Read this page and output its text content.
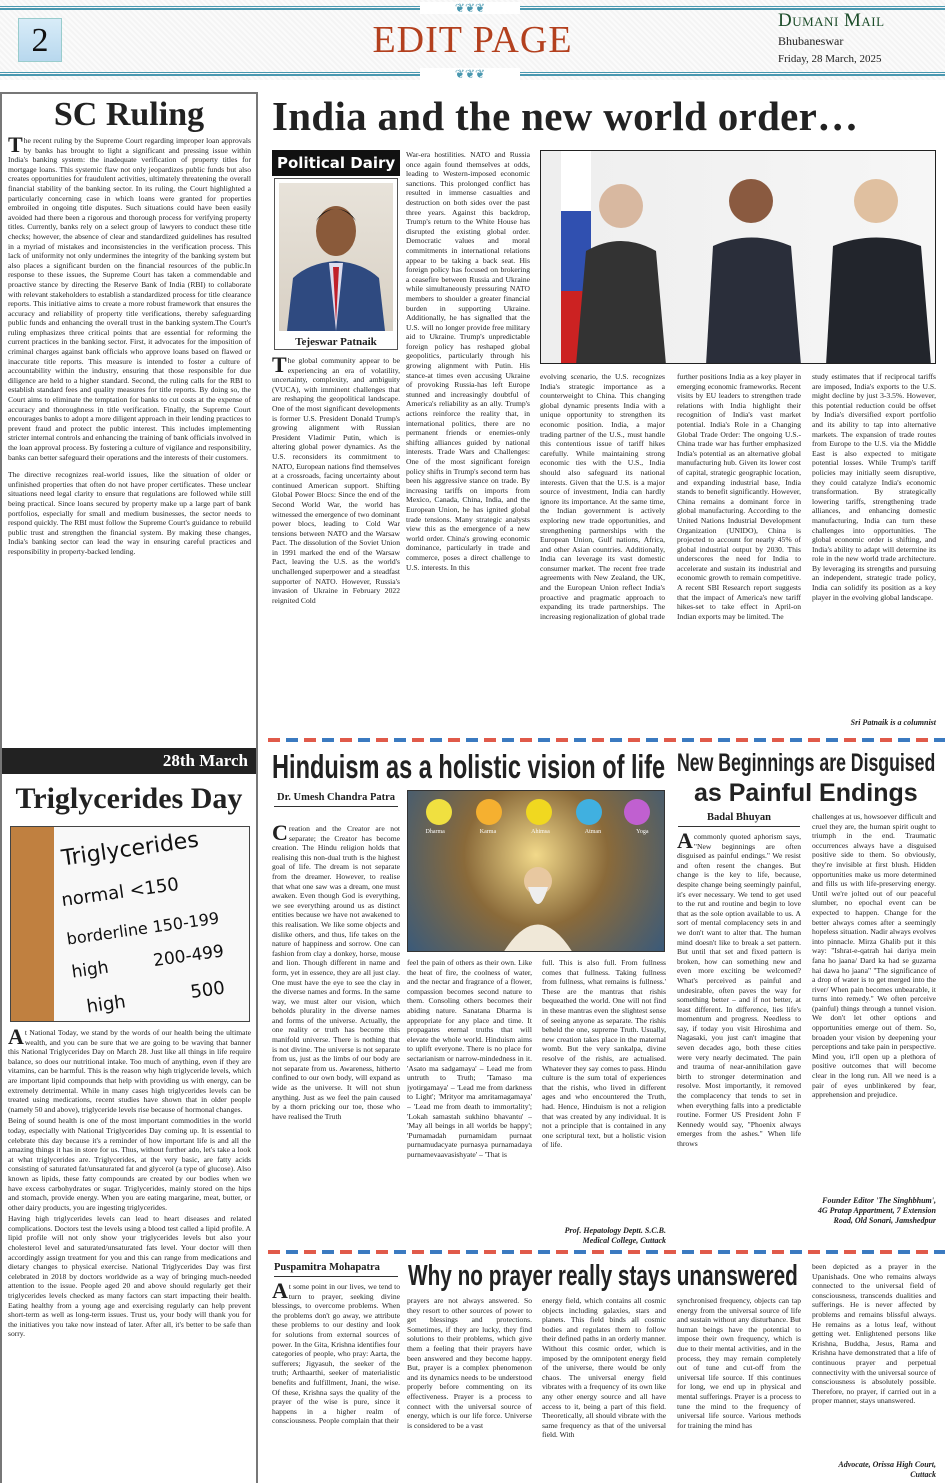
❦❦❦
❦❦❦
2	EDIT PAGE	Dumani Mail
Bhubaneswar
Friday, 28 March, 2025
SC Ruling

The recent ruling by the Supreme Court regarding improper loan approvals by banks has brought to light a significant and pressing issue within India's banking system: the inadequate verification of property titles for mortgage loans. This systemic flaw not only jeopardizes public funds but also creates opportunities for fraudulent activities, ultimately threatening the overall financial stability of the banking sector. In its ruling, the Court highlighted a particularly concerning case in which loans were granted for properties embroiled in ongoing title disputes. Such situations could have been easily avoided had there been a rigorous and thorough process for verifying property titles. Currently, banks rely on a select group of lawyers to conduct these title checks; however, the absence of clear and standardized guidelines has resulted in a myriad of mistakes and inconsistencies in the verification process. This lack of uniformity not only undermines the integrity of the banking system but also places a significant burden on the financial resources of the public.In response to these issues, the Supreme Court has taken a commendable and proactive stance by directing the Reserve Bank of India (RBI) to collaborate with relevant stakeholders to establish a standardized process for title clearance reports. This initiative aims to create a more robust framework that ensures the accuracy and reliability of property title verifications, thereby safeguarding public funds and enhancing the overall trust in the banking system.The Court's ruling emphasizes three critical points that are essential for reforming the current practices in the banking sector. First, it advocates for the imposition of criminal charges against bank officials who approve loans based on flawed or inaccurate title reports. This measure is intended to foster a culture of accountability within the industry, ensuring that those responsible for due diligence are held to a higher standard. Second, the ruling calls for the RBI to establish standard fees and quality measures for title reports. By doing so, the Court aims to eliminate the temptation for banks to cut costs at the expense of accuracy and thoroughness in title verification. Finally, the Supreme Court encourages banks to adopt a more diligent approach in their lending practices to prevent fraud and protect the public interest. This includes implementing stricter internal controls and enhancing the training of bank officials involved in the loan approval process. By fostering a culture of vigilance and responsibility, banks can better safeguard their operations and the interests of their customers.

The directive recognizes real-world issues, like the situation of older or unfinished properties that often do not have proper certificates. These unclear situations need legal clarity to ensure that regulations are followed while still being practical. Since loans secured by property make up a large part of bank portfolios, especially for small and medium businesses, the sector needs to respond quickly. The RBI must follow the Supreme Court's guidance to rebuild public trust and strengthen the financial system. By making these changes, India's banking sector can lead the way in ensuring careful practices and responsibility in property-backed lending.

28th March
Triglycerides Day
Triglycerides
normal <150
borderline 150-199
high 200-499
high 500

At National Today, we stand by the words of our health being the ultimate wealth, and you can be sure that we are going to be waving that banner this National Triglycerides Day on March 28. Just like all things in life require balance, so does our nutritional intake. Too much of anything, even if they are vitamins, can be harmful. This is the reason why high triglyceride levels, which are important lipid compounds that help with providing us with energy, can be extremely detrimental. While in many cases high triglycerides levels can be treated using medications, recent studies have shown that in older people (namely 50 and above), triglyceride levels rise because of hormonal changes.

Being of sound health is one of the most important commodities in the world today, especially with National Triglycerides Day coming up. It is essential to celebrate this day because it's a reminder of how important life is and all the amazing things it has in store for us. Thus, without further ado, let's take a look at what triglycerides are. Triglycerides, at the very basic, are fatty acids consisting of saturated fat/unsaturated fat and glycerol (a type of glucose). Also known as lipids, these fatty compounds are created by our bodies when we have excess carbohydrates or sugar. Triglycerides, mainly stored on the hips and stomach, provide energy. When you are eating margarine, meat, butter, or other dairy products, you are ingesting triglycerides.

Having high triglycerides levels can lead to heart diseases and related complications. Doctors test the levels using a blood test called a lipid profile. A lipid profile will not only show your triglycerides levels but also your cholesterol level and saturated/unsaturated fats level. Your doctor will then accordingly assign treatment for you and this can range from medications and dietary changes to physical exercise. National Triglycerides Day was first celebrated in 2018 by doctors worldwide as a way of bringing much-needed attention to the issue. People aged 20 and above should regularly get their triglycerides levels checked as many factors can start impacting their health. Eating healthy from a young age and exercising regularly can help prevent short-term as well as long-term issues. Trust us, your body will thank you for the initiatives you take now instead of later. After all, it's better to be safe than sorry.

India and the new world order…
Political Dairy
Tejeswar Patnaik

The global community appear to be experiencing an era of volatility, uncertainty, complexity, and ambiguity (VUCA), with imminent challenges that are reshaping the geopolitical landscape. One of the most significant developments is former U.S. President Donald Trump's growing alignment with Russian President Vladimir Putin, which is altering global power dynamics. As the U.S. reconsiders its commitment to NATO, European nations find themselves at a crossroads, facing uncertainty about continued American support. Shifting Global Power Blocs: Since the end of the Second World War, the world has witnessed the emergence of two dominant power blocs, leading to Cold War tensions between NATO and the Warsaw Pact. The dissolution of the Soviet Union in 1991 marked the end of the Warsaw Pact, leaving the U.S. as the world's unchallenged superpower and a steadfast supporter of NATO. However, Russia's invasion of Ukraine in February 2022 reignited Cold

War-era hostilities. NATO and Russia once again found themselves at odds, leading to Western-imposed economic sanctions. This prolonged conflict has resulted in immense casualties and destruction on both sides over the past three years. Against this backdrop, Trump's return to the White House has disrupted the existing global order. Democratic values and moral commitments in international relations appear to be taking a back seat. His foreign policy has focused on brokering a ceasefire between Russia and Ukraine while simultaneously pressuring NATO members to shoulder a greater financial burden in supporting Ukraine. Additionally, he has signalled that the U.S. will no longer provide free military aid to Ukraine. Trump's unpredictable foreign policy has reshaped global geopolitics, particularly through his growing alignment with Putin. His stance-at times even accusing Ukraine of provoking Russia-has left Europe stunned and increasingly doubtful of America's reliability as an ally. Trump's actions reinforce the reality that, in international politics, there are no permanent friends or enemies-only shifting alliances guided by national interests. Trade Wars and Challenges: One of the most significant foreign policy shifts in Trump's second term has been his aggressive stance on trade. By increasing tariffs on imports from Mexico, Canada, China, India, and the European Union, he has ignited global trade tensions. Many strategic analysts view this as the emergence of a new world order. China's growing economic dominance, particularly in trade and commerce, poses a direct challenge to U.S. interests. In this
evolving scenario, the U.S. recognizes India's strategic importance as a counterweight to China. This changing global dynamic presents India with a unique opportunity to strengthen its economic position. India, a major trading partner of the U.S., must handle this contentious issue of tariff hikes carefully. While maintaining strong economic ties with the U.S., India should also safeguard its national interests. Given that the U.S. is a major source of investment, India can hardly ignore its importance. At the same time, the Indian government is actively exploring new trade opportunities, and strengthening partnerships with the European Union, Gulf nations, Africa, and other Asian countries. Additionally, India can leverage its vast domestic consumer market. The recent free trade agreements with New Zealand, the UK, and the European Union reflect India's proactive and pragmatic approach to expanding its trade partnerships. The increasing regionalization of global trade
further positions India as a key player in emerging economic frameworks. Recent visits by EU leaders to strengthen trade relations with India highlight their recognition of India's vast market potential. India's Role in a Changing Global Trade Order: The ongoing U.S.-China trade war has further emphasized India's potential as an alternative global manufacturing hub. Given its lower cost of capital, strategic geographic location, and expanding industrial base, India stands to benefit significantly. However, China remains a dominant force in global manufacturing. According to the United Nations Industrial Development Organization (UNIDO), China is projected to account for nearly 45% of global industrial output by 2030. This underscores the need for India to accelerate and sustain its industrial and economic growth to remain competitive. A recent SBI Research report suggests that the impact of America's new tariff hikes-set to take effect in April-on Indian exports may be limited. The
study estimates that if reciprocal tariffs are imposed, India's exports to the U.S. might decline by just 3-3.5%. However, this potential reduction could be offset by India's diversified export portfolio and its ability to tap into alternative markets. The expansion of trade routes from Europe to the U.S. via the Middle East is also expected to mitigate potential losses. While Trump's tariff policies may initially seem disruptive, they could catalyze India's economic transformation. By strategically lowering tariffs, strengthening trade alliances, and enhancing domestic manufacturing, India can turn these challenges into opportunities. The global economic order is shifting, and India's ability to adapt will determine its role in the new world trade architecture. By leveraging its strengths and pursuing an independent, strategic trade policy, India can solidify its position as a key player in the evolving global landscape.
Sri Patnaik is a columnist
Hinduism as a holistic vision of life
Dr. Umesh Chandra Patra

Creation and the Creator are not separate; the Creator has become creation. The Hindu religion holds that realising this non-dual truth is the highest goal of life. The dream is not separate from the dreamer. However, to realise that what one saw was a dream, one must awaken. Even though God is everything, we see everything around us as distinct entities because we have not awakened to this realisation. We like some objects and dislike others, and thus, life takes on the nature of happiness and sorrow. One can fashion from clay a donkey, horse, mouse and lion. Though different in name and form, yet in essence, they are all just clay. One must have the eye to see the clay in the diverse names and forms. In the same way, we must alter our vision, which beholds plurality in the diverse names and forms of the universe. Actually, the one reality or truth has become this manifold universe. There is nothing that is not divine. The universe is not separate from us, just as the limbs of our body are not separate from us. Awareness, hitherto confined to our own body, will expand as wide as the universe. It will not shun anything. Just as we feel the pain caused by a thorn pricking our toe, those who have realised the Truth

Dharma	Karma	Ahimsa	Atman	Yoga
feel the pain of others as their own. Like the heat of fire, the coolness of water, and the nectar and fragrance of a flower, compassion becomes second nature to them. Consoling others becomes their abiding nature. Sanatana Dharma is appropriate for any place and time. It propagates eternal truths that will elevate the whole world. Hinduism aims to uplift everyone. There is no place for sectarianism or narrow-mindedness in it. 'Asato ma sadgamaya' – Lead me from untruth to Truth; 'Tamaso ma jyotirgamaya' – 'Lead me from darkness to Light'; 'Mrityor ma amritamagamaya' – 'Lead me from death to immortality'; 'Lokah samastah sukhino bhavantu' – 'May all beings in all worlds be happy'; 'Purnamadah purnamidam purnaat purnamudacyate purnasya purnamadaya purnamevaavasishyate' – 'That is
full. This is also full. From fullness comes that fullness. Taking fullness from fullness, what remains is fullness.' These are the mantras that rishis bequeathed the world. One will not find in these mantras even the slightest sense of seeing anyone as separate. The rishis beheld the one, supreme Truth. Usually, new creation takes place in the maternal womb. But the very sankalpa, divine resolve of the rishis, are actualised. Whatever they say comes to pass. Hindu culture is the sum total of experiences that the rishis, who lived in different ages and who encountered the Truth, had. Hence, Hinduism is not a religion that was created by any individual. It is not a principle that is contained in any one scriptural text, but a holistic vision of life.
Prof. Hepatology Deptt. S.C.B. Medical College, Cuttack
New Beginnings are Disguised
as Painful Endings
Badal Bhuyan

Acommonly quoted aphorism says, "New beginnings are often disguised as painful endings." We resist and often resent the changes. But change is the key to life, because, despite change being seemingly painful, it's ever necessary. We tend to get used to the rut and routine and begin to love that as the sole option available to us. A sort of mental complacency sets in and we don't want to alter that. The human mind doesn't like to break a set pattern. But until that set and fixed pattern is broken, how can something new and even more exciting be welcomed? What's perceived as painful and undesirable, often paves the way for something better – and if not better, at least different. In difference, lies life's momentum and progress. Needless to say, if today you visit Hiroshima and Nagasaki, you just can't imagine that seven decades ago, both these cities were very nearly decimated. The pain and trauma of near-annihilation gave birth to stronger determination and resolve. Most importantly, it removed the complacency that tends to set in when everything falls into a predictable routine. Former US President John F Kennedy would say, "Phoenix always emerges from the ashes." When life throws

challenges at us, howsoever difficult and cruel they are, the human spirit ought to triumph in the end. Traumatic occurrences always have a disguised positive side to them. So obviously, they're invisible at first blush. Hidden opportunities make us more determined and fills us with life-preserving energy. Until we're jolted out of our peaceful slumber, no epochal event can be expected to happen. Change for the better always comes after a seemingly hopeless situation. Nadir always evolves into pinnacle. Mirza Ghalib put it this way: "Ishrat-e-qatrah hai dariya mein fana ho jaana/ Dard ka had se guzarna hai dawa ho jaana" "The significance of a drop of water is to get merged into the river/ When pain becomes unbearable, it turns into remedy." We often perceive (painful) things through a tunnel vision. We don't let other options and opportunities emerge out of them. So, broaden your vision by deepening your perceptions and take pain in perspective. Mind you, it'll open up a plethora of positive outcomes that will become clear in the long run. All we need is a pair of eyes unblinkered by fear, apprehension and prejudice.
Founder Editor 'The Singhbhum', 4G Pratap Appartment, 7 Extension Road, Old Sonari, Jamshedpur
Puspamitra Mohapatra

At some point in our lives, we tend to turn to prayer, seeking divine blessings, to overcome problems. When the problems don't go away, we attribute these problems to our destiny and look for solutions from external sources of power. In the Gita, Krishna identifies four categories of people, who pray: Aarta, the sufferers; Jigyasuh, the seeker of the truth; Arthaarthi, seeker of materialistic benefits and fulfillment, Jnani, the wise. Of these, Krishna says the quality of the prayer of the wise is pure, since it happens in a higher realm of consciousness. People complain that their

Why no prayer really stays unanswered
prayers are not always answered. So they resort to other sources of power to get blessings and protections. Sometimes, if they are lucky, they find solutions to their problems, which give them a feeling that their prayers have been answered and they become happy. But, prayer is a complex phenomenon and its dynamics needs to be understood properly before commenting on its effectiveness. Prayer is a process to connect with the universal source of energy, which is our life force. Universe is considered to be a vast
energy field, which contains all cosmic objects including galaxies, stars and planets. This field binds all cosmic bodies and regulates them to follow their defined paths in an orderly manner. Without this cosmic order, which is imposed by the omnipotent energy field of the universe, there would be only chaos. The universal energy field vibrates with a frequency of its own like any other energy source and all have access to it, being a part of this field. Theoretically, all should vibrate with the same frequency as that of the universal field. With
synchronised frequency, objects can tap energy from the universal source of life and sustain without any disturbance. But human beings have the potential to impose their own frequency, which is due to their mental activities, and in the process, they may remain completely out of tune and cut-off from the universal life source. If this continues for long, we end up in physical and mental sufferings. Prayer is a process to tune the mind to the frequency of universal life source. Various methods for training the mind has
been depicted as a prayer in the Upanishads. One who remains always connected to the universal field of consciousness, transcends dualities and sufferings. He is never affected by problems and remains blissful always. He remains as a lotus leaf, without getting wet. Enlightened persons like Krishna, Buddha, Jesus, Rama and Krishna have demonstrated that a life of continuous prayer and perpetual connectivity with the universal source of consciousness is absolutely possible. Therefore, no prayer, if carried out in a proper manner, stays unanswered.
Advocate, Orissa High Court, Cuttack
